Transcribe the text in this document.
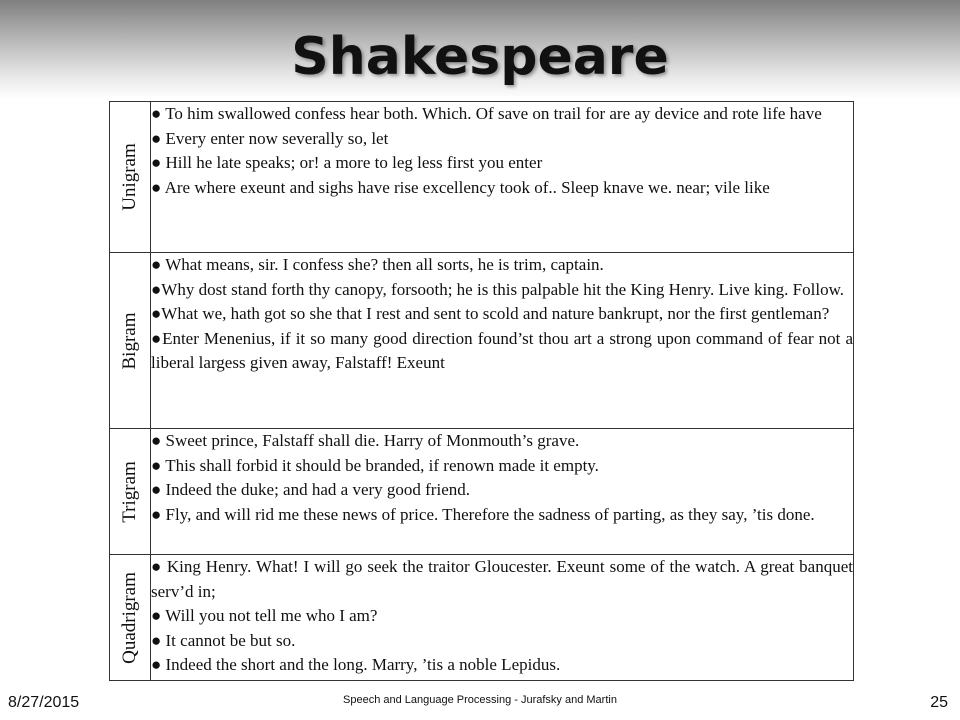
Shakespeare
Unigram	● To him swallowed confess hear both. Which. Of save on trail for are ay device and rote life have
● Every enter now severally so, let
● Hill he late speaks; or! a more to leg less first you enter
● Are where exeunt and sighs have rise excellency took of.. Sleep knave we. near; vile like

Bigram	● What means, sir. I confess she? then all sorts, he is trim, captain.
●Why dost stand forth thy canopy, forsooth; he is this palpable hit the King Henry. Live king. Follow.
●What we, hath got so she that I rest and sent to scold and nature bankrupt, nor the first gentleman?
●Enter Menenius, if it so many good direction found’st thou art a strong upon command of fear not a liberal largess given away, Falstaff! Exeunt

Trigram	● Sweet prince, Falstaff shall die. Harry of Monmouth’s grave.
● This shall forbid it should be branded, if renown made it empty.
● Indeed the duke; and had a very good friend.
● Fly, and will rid me these news of price. Therefore the sadness of parting, as they say, ’tis done.

Quadrigram	● King Henry. What! I will go seek the traitor Gloucester. Exeunt some of the watch. A great banquet serv’d in;
● Will you not tell me who I am?
● It cannot be but so.
● Indeed the short and the long. Marry, ’tis a noble Lepidus.
8/27/2015	Speech and Language Processing - Jurafsky and Martin	25
